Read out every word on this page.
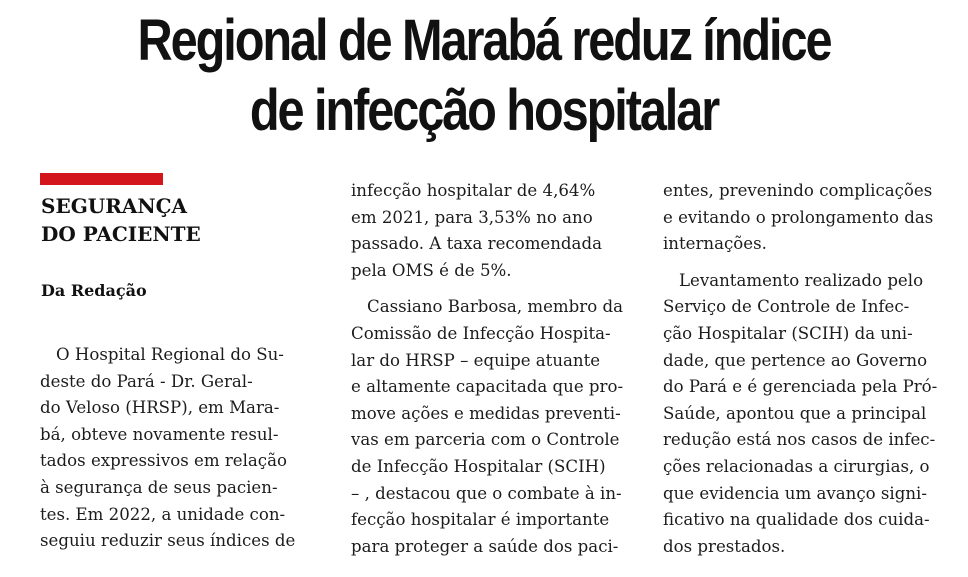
Regional de Marabá reduz índice
de infecção hospitalar
SEGURANÇA
DO PACIENTE
Da Redação
O Hospital Regional do Su-
deste do Pará - Dr. Geral-
do Veloso (HRSP), em Mara-
bá, obteve novamente resul-
tados expressivos em relação
à segurança de seus pacien-
tes. Em 2022, a unidade con-
seguiu reduzir seus índices de
infecção hospitalar de 4,64%
em 2021, para 3,53% no ano
passado. A taxa recomendada
pela OMS é de 5%.
Cassiano Barbosa, membro da
Comissão de Infecção Hospita-
lar do HRSP – equipe atuante
e altamente capacitada que pro-
move ações e medidas preventi-
vas em parceria com o Controle
de Infecção Hospitalar (SCIH)
– , destacou que o combate à in-
fecção hospitalar é importante
para proteger a saúde dos paci-
entes, prevenindo complicações
e evitando o prolongamento das
internações.
Levantamento realizado pelo
Serviço de Controle de Infec-
ção Hospitalar (SCIH) da uni-
dade, que pertence ao Governo
do Pará e é gerenciada pela Pró-
Saúde, apontou que a principal
redução está nos casos de infec-
ções relacionadas a cirurgias, o
que evidencia um avanço signi-
ficativo na qualidade dos cuida-
dos prestados.
